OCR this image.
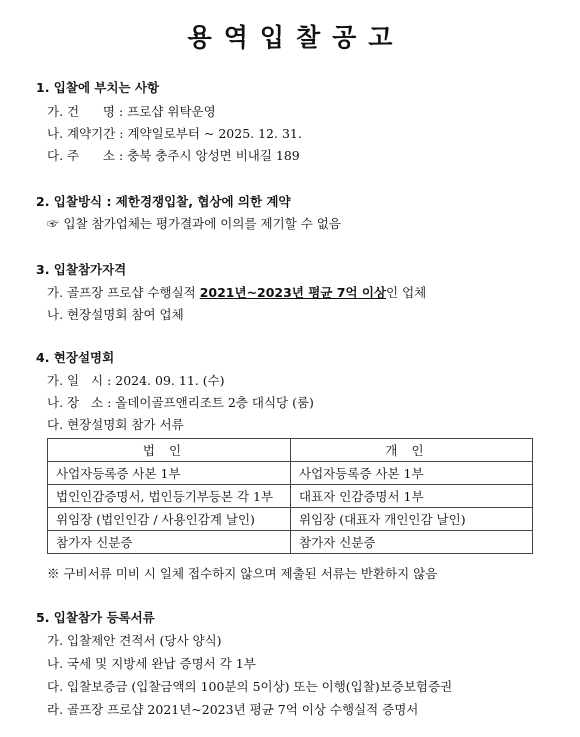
용역입찰공고
1. 입찰에 부치는 사항
가. 건      명 : 프로샵 위탁운영
나. 계약기간 : 계약일로부터 ~ 2025. 12. 31.
다. 주      소 : 충북 충주시 앙성면 비내길 189
2. 입찰방식 : 제한경쟁입찰, 협상에 의한 계약
☞ 입찰 참가업체는 평가결과에 이의를 제기할 수 없음
3. 입찰참가자격
가. 골프장 프로샵 수행실적 2021년~2023년 평균 7억 이상인 업체
나. 현장설명회 참여 업체
4. 현장설명회
가. 일   시 : 2024. 09. 11. (수)
나. 장   소 : 올데이골프앤리조트 2층 대식당 (룸)
다. 현장설명회 참가 서류
법인	개인
사업자등록증 사본 1부	사업자등록증 사본 1부
법인인감증명서, 법인등기부등본 각 1부	대표자 인감증명서 1부
위임장 (법인인감 / 사용인감계 날인)	위임장 (대표자 개인인감 날인)
참가자 신분증	참가자 신분증
※ 구비서류 미비 시 일체 접수하지 않으며 제출된 서류는 반환하지 않음
5. 입찰참가 등록서류
가. 입찰제안 견적서 (당사 양식)
나. 국세 및 지방세 완납 증명서 각 1부
다. 입찰보증금 (입찰금액의 100분의 5이상) 또는 이행(입찰)보증보험증권
라. 골프장 프로샵 2021년~2023년 평균 7억 이상 수행실적 증명서
